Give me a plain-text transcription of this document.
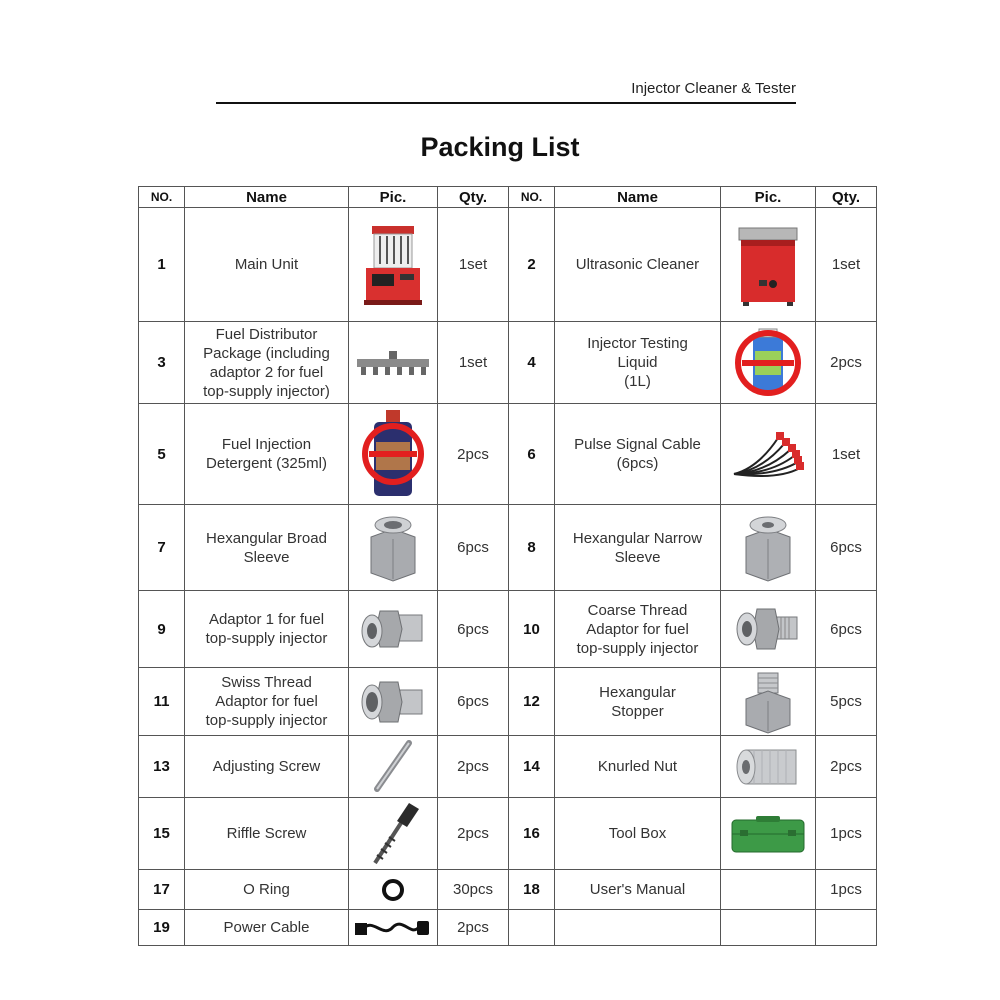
Injector Cleaner & Tester
Packing List
NO.	Name	Pic.	Qty.	NO.	Name	Pic.	Qty.
1	Main Unit		1set	2	Ultrasonic Cleaner		1set
3	Fuel Distributor
Package (including
adaptor 2 for fuel
top-supply injector)		1set	4	Injector Testing
Liquid
(1L)		2pcs
5	Fuel Injection
Detergent (325ml)		2pcs	6	Pulse Signal Cable
(6pcs)		1set
7	Hexangular Broad
Sleeve		6pcs	8	Hexangular Narrow
Sleeve		6pcs
9	Adaptor 1 for fuel
top-supply injector		6pcs	10	Coarse Thread
Adaptor for fuel
top-supply injector		6pcs
11	Swiss Thread
Adaptor for fuel
top-supply injector		6pcs	12	Hexangular
Stopper		5pcs
13	Adjusting Screw		2pcs	14	Knurled Nut		2pcs
15	Riffle Screw		2pcs	16	Tool Box		1pcs
17	O Ring		30pcs	18	User's Manual		1pcs
19	Power Cable		2pcs				
